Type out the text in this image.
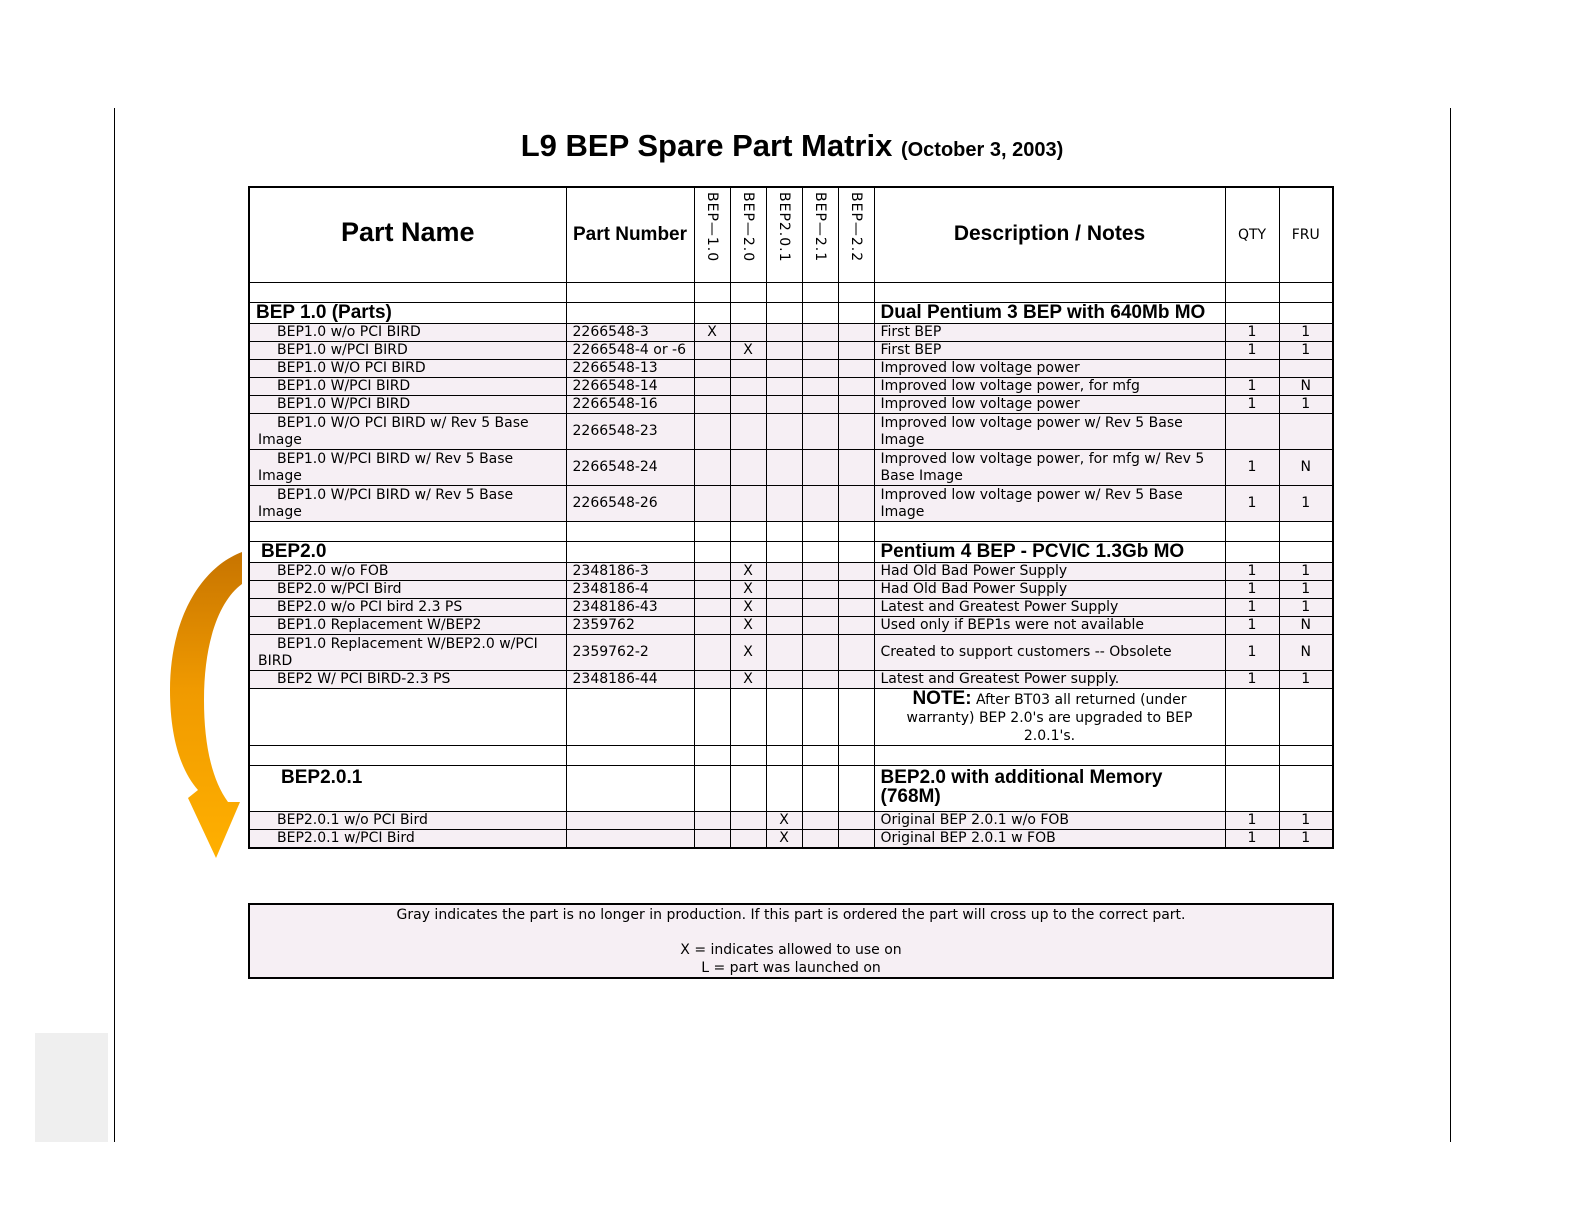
L9 BEP Spare Part Matrix (October 3, 2003)
Part Name	Part Number	BEP—1.0	BEP—2.0	BEP2.0.1	BEP—2.1	BEP—2.2	Description / Notes	QTY	FRU

BEP 1.0 (Parts)							Dual Pentium 3 BEP with 640Mb MO		
BEP1.0 w/o PCI BIRD	2266548-3	X					First BEP	1	1
BEP1.0 w/PCI BIRD	2266548-4 or -6		X				First BEP	1	1
BEP1.0 W/O PCI BIRD	2266548-13						Improved low voltage power		
BEP1.0 W/PCI BIRD	2266548-14						Improved low voltage power, for mfg	1	N
BEP1.0 W/PCI BIRD	2266548-16						Improved low voltage power	1	1
BEP1.0 W/O PCI BIRD w/ Rev 5 Base Image	2266548-23						Improved low voltage power w/ Rev 5 Base Image		
BEP1.0 W/PCI BIRD w/ Rev 5 Base Image	2266548-24						Improved low voltage power, for mfg w/ Rev 5 Base Image	1	N
BEP1.0 W/PCI BIRD w/ Rev 5 Base Image	2266548-26						Improved low voltage power w/ Rev 5 Base Image	1	1

BEP2.0							Pentium 4 BEP - PCVIC 1.3Gb MO		
BEP2.0 w/o FOB	2348186-3		X				Had Old Bad Power Supply	1	1
BEP2.0 w/PCI Bird	2348186-4		X				Had Old Bad Power Supply	1	1
BEP2.0 w/o PCI bird 2.3 PS	2348186-43		X				Latest and Greatest Power Supply	1	1
BEP1.0 Replacement W/BEP2	2359762		X				Used only if BEP1s were not available	1	N
BEP1.0 Replacement W/BEP2.0 w/PCI BIRD	2359762-2		X				Created to support customers -- Obsolete	1	N
BEP2 W/ PCI BIRD-2.3 PS	2348186-44		X				Latest and Greatest Power supply.	1	1
							NOTE: After BT03 all returned (under warranty) BEP 2.0's are upgraded to BEP 2.0.1's.		

BEP2.0.1							BEP2.0 with additional Memory (768M)		
BEP2.0.1 w/o PCI Bird				X			Original BEP 2.0.1 w/o FOB	1	1
BEP2.0.1 w/PCI Bird				X			Original BEP 2.0.1 w FOB	1	1
Gray indicates the part is no longer in production. If this part is ordered the part will cross up to the correct part.
X = indicates allowed to use on
L = part was launched on
